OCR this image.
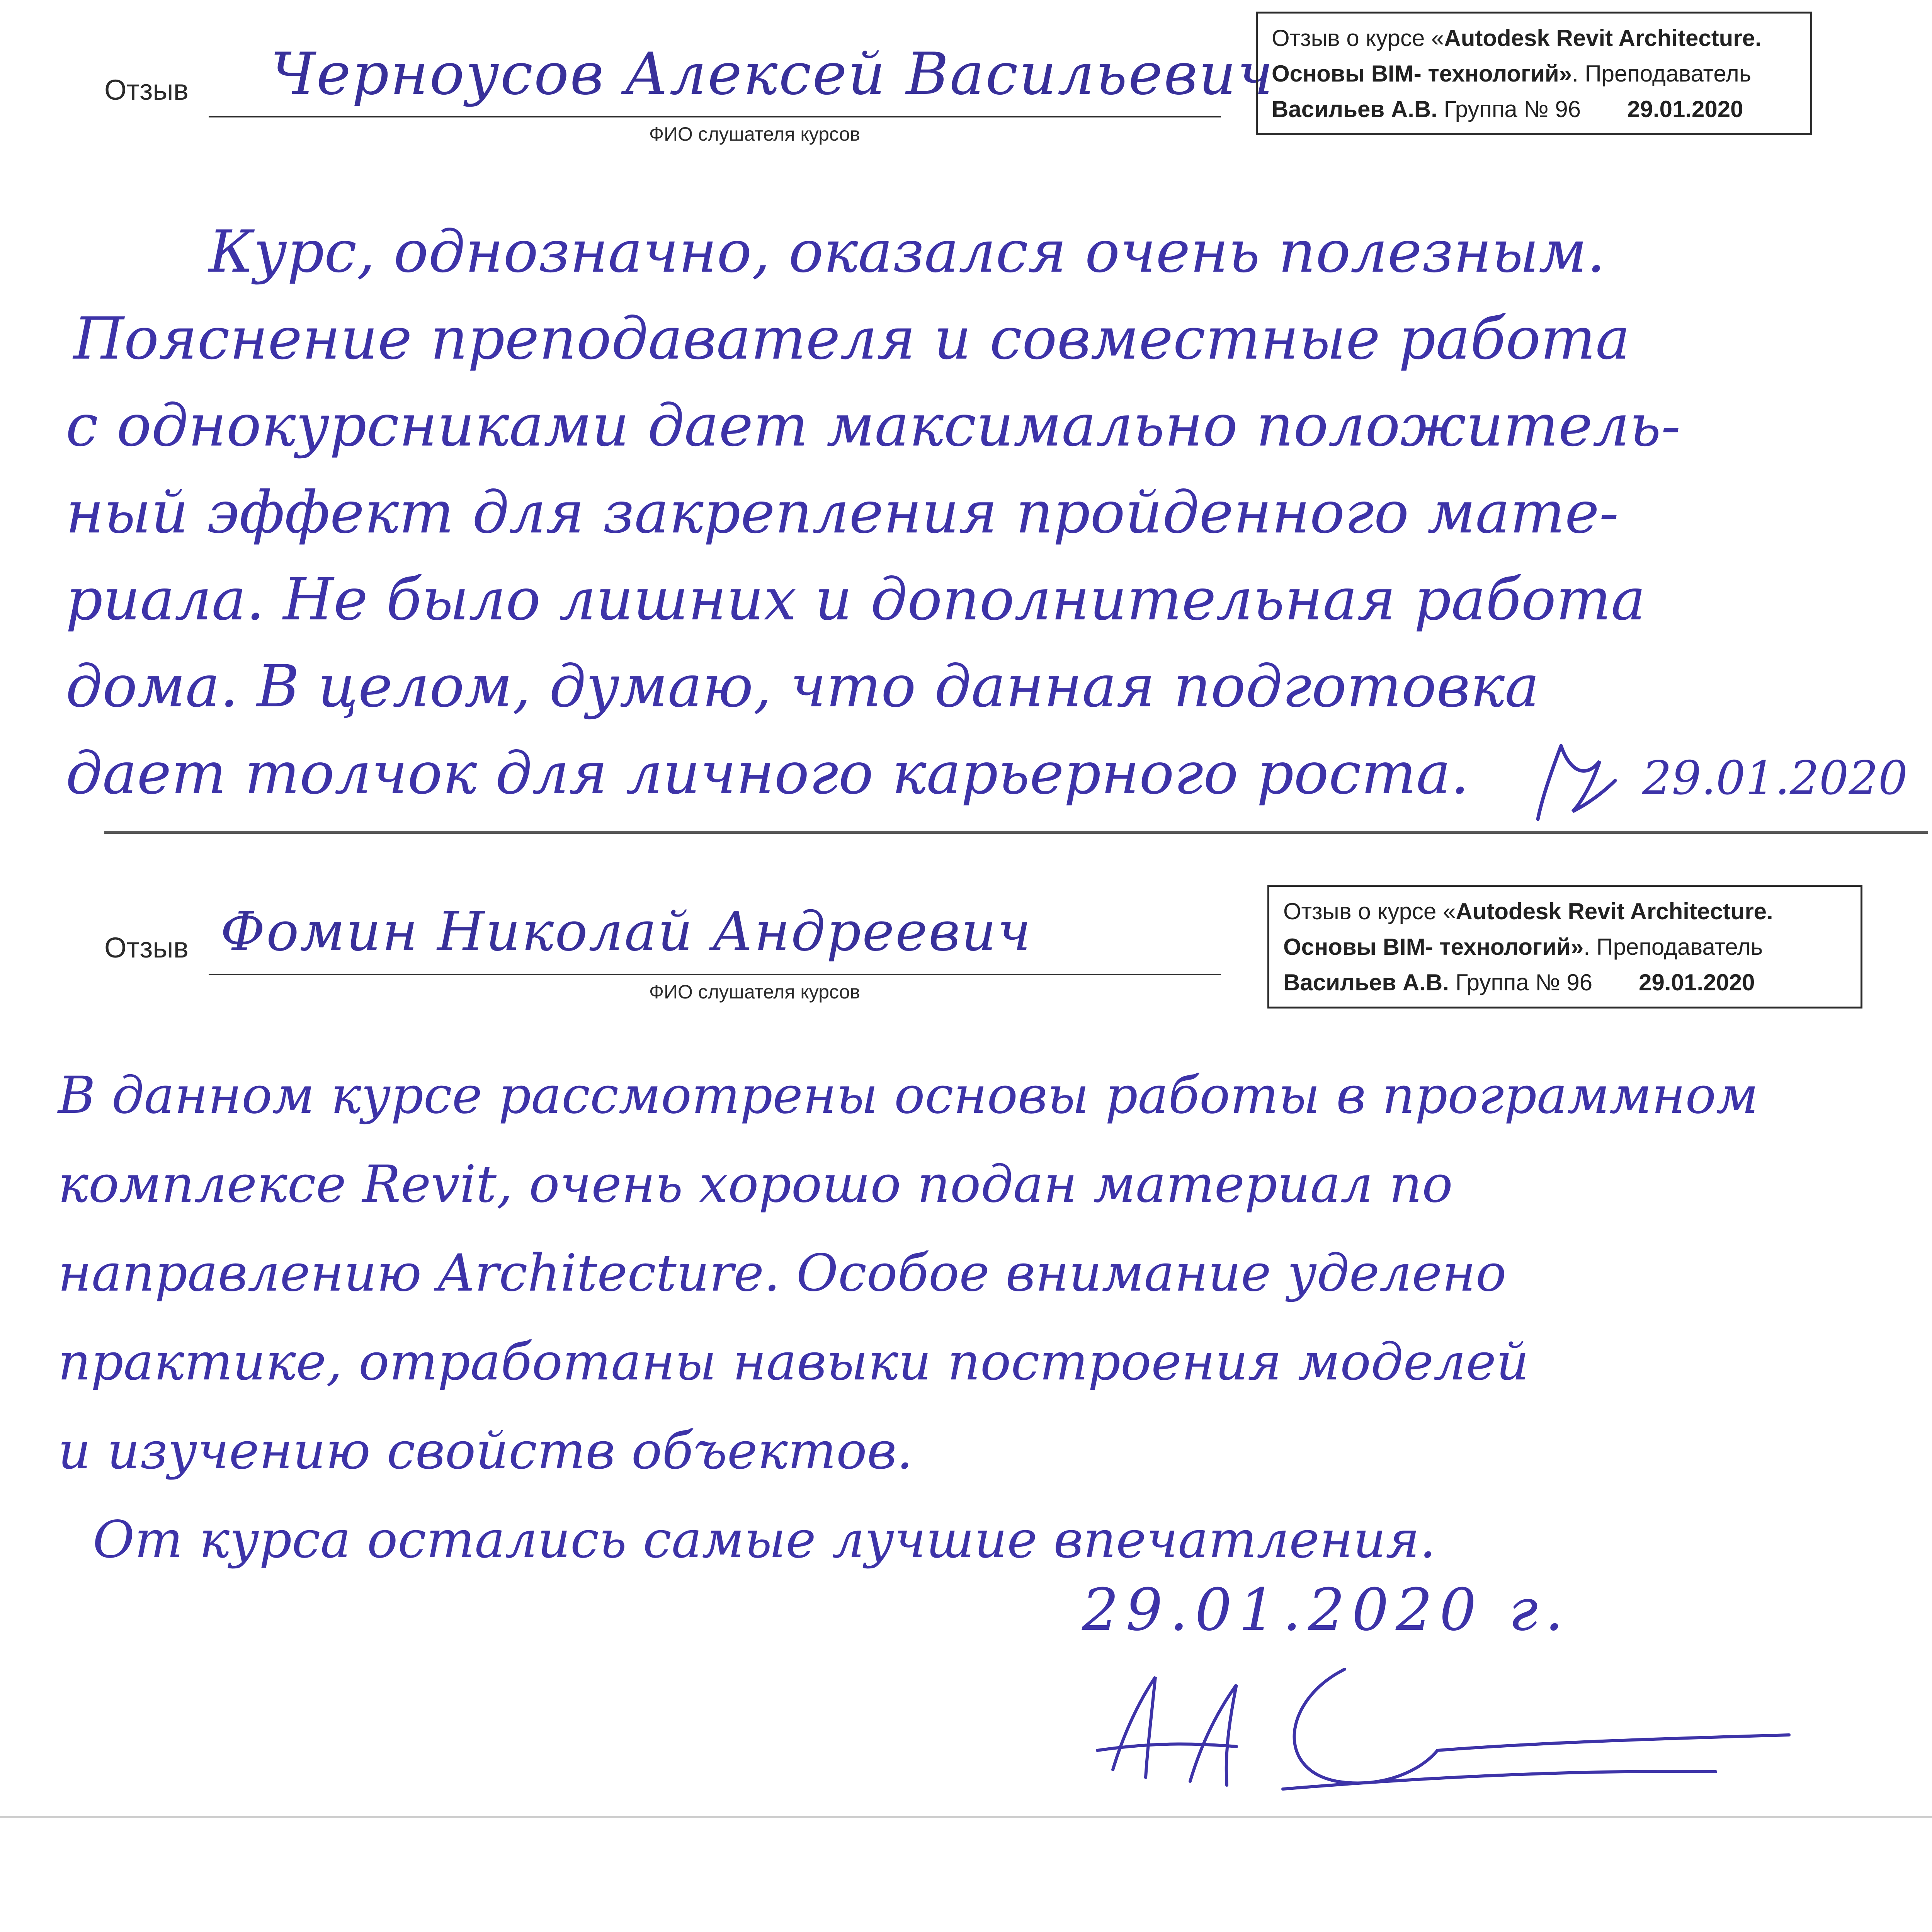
Отзыв Черноусов Алексей Васильевич
ФИО слушателя курсов
Отзыв о курсе «Autodesk Revit Architecture.
Основы BIM- технологий». Преподаватель
Васильев А.В. Группа № 96 29.01.2020
Курс, однозначно, оказался очень полезным.
Пояснение преподавателя и совместные работа
с однокурсниками дает максимально положитель-
ный эффект для закрепления пройденного мате-
риала. Не было лишних и дополнительная работа
дома. В целом, думаю, что данная подготовка
дает толчок для личного карьерного роста.	29.01.2020
Отзыв Фомин Николай Андреевич
ФИО слушателя курсов
Отзыв о курсе «Autodesk Revit Architecture.
Основы BIM- технологий». Преподаватель
Васильев А.В. Группа № 96 29.01.2020
В данном курсе рассмотрены основы работы в программном
комплексе Revit, очень хорошо подан материал по
направлению Architecture. Особое внимание уделено
практике, отработаны навыки построения моделей
и изучению свойств объектов.
От курса остались самые лучшие впечатления.
29.01.2020 г.
